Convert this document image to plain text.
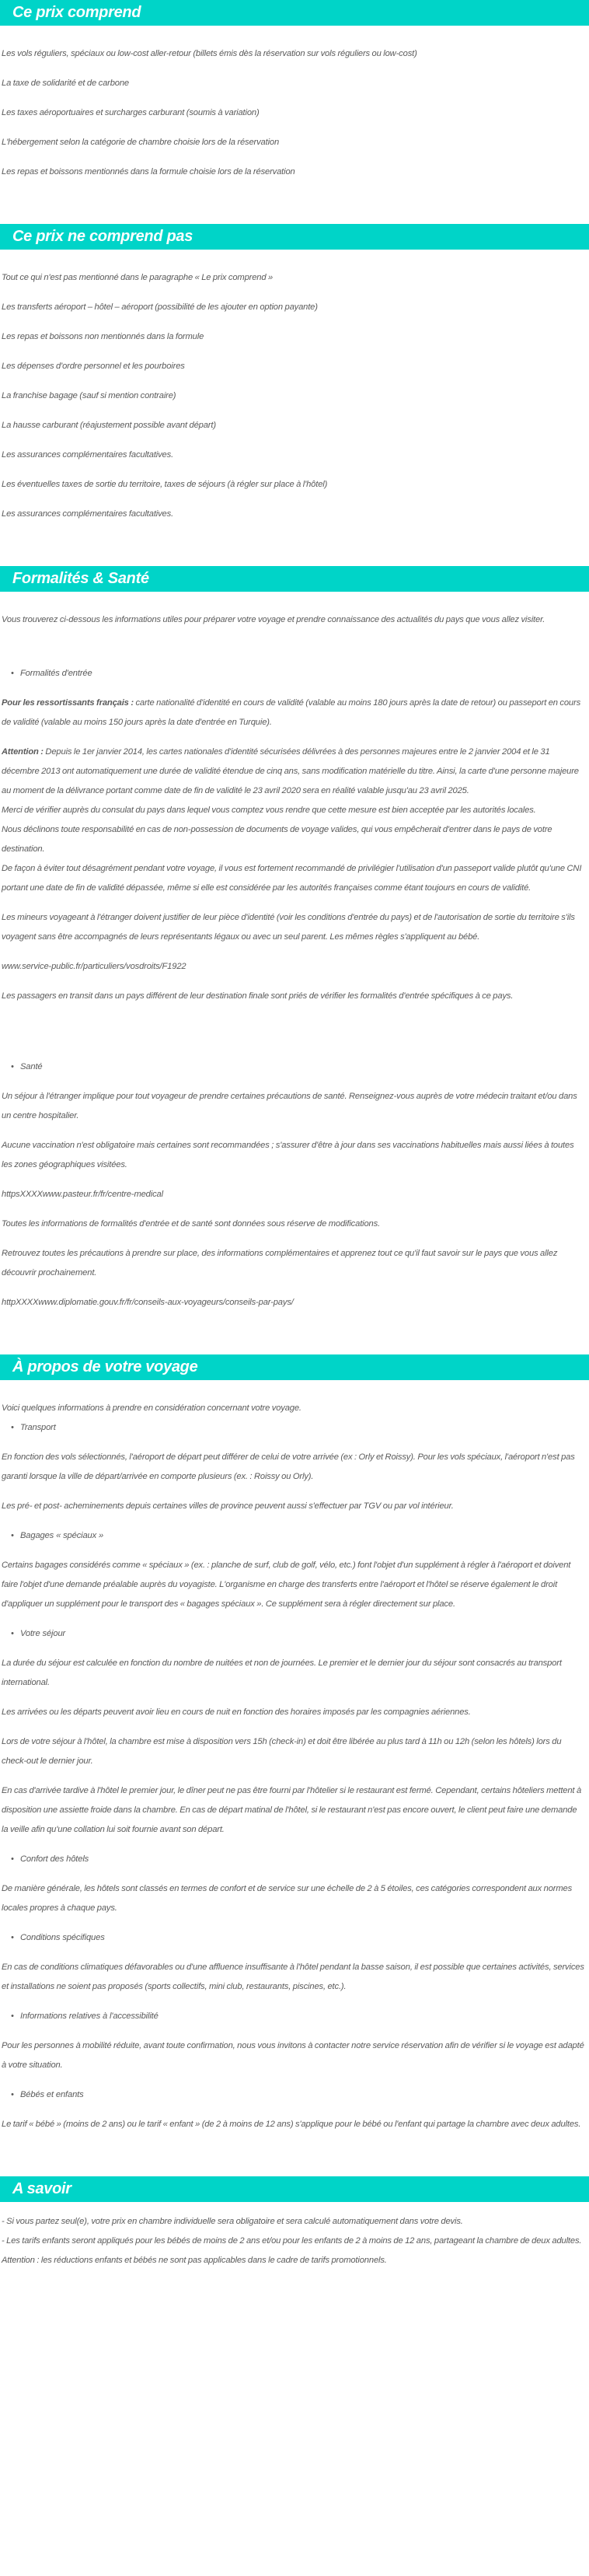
Ce prix comprend

Les vols réguliers, spéciaux ou low-cost aller-retour (billets émis dès la réservation sur vols réguliers ou low-cost)

La taxe de solidarité et de carbone

Les taxes aéroportuaires et surcharges carburant (soumis à variation)

L'hébergement selon la catégorie de chambre choisie lors de la réservation

Les repas et boissons mentionnés dans la formule choisie lors de la réservation

Ce prix ne comprend pas

Tout ce qui n'est pas mentionné dans le paragraphe « Le prix comprend »

Les transferts aéroport – hôtel – aéroport (possibilité de les ajouter en option payante)

Les repas et boissons non mentionnés dans la formule

Les dépenses d'ordre personnel et les pourboires

La franchise bagage (sauf si mention contraire)

La hausse carburant (réajustement possible avant départ)

Les assurances complémentaires facultatives.

Les éventuelles taxes de sortie du territoire, taxes de séjours (à régler sur place à l'hôtel)

Les assurances complémentaires facultatives.

Formalités & Santé

Vous trouverez ci-dessous les informations utiles pour préparer votre voyage et prendre connaissance des actualités du pays que vous allez visiter.

• Formalités d'entrée

Pour les ressortissants français : carte nationalité d'identité en cours de validité (valable au moins 180 jours après la date de retour) ou passeport en cours de validité (valable au moins 150 jours après la date d'entrée en Turquie).

Attention : Depuis le 1er janvier 2014, les cartes nationales d'identité sécurisées délivrées à des personnes majeures entre le 2 janvier 2004 et le 31 décembre 2013 ont automatiquement une durée de validité étendue de cinq ans, sans modification matérielle du titre. Ainsi, la carte d'une personne majeure au moment de la délivrance portant comme date de fin de validité le 23 avril 2020 sera en réalité valable jusqu'au 23 avril 2025.

Merci de vérifier auprès du consulat du pays dans lequel vous comptez vous rendre que cette mesure est bien acceptée par les autorités locales.

Nous déclinons toute responsabilité en cas de non-possession de documents de voyage valides, qui vous empêcherait d'entrer dans le pays de votre destination.

De façon à éviter tout désagrément pendant votre voyage, il vous est fortement recommandé de privilégier l'utilisation d'un passeport valide plutôt qu'une CNI portant une date de fin de validité dépassée, même si elle est considérée par les autorités françaises comme étant toujours en cours de validité.

Les mineurs voyageant à l'étranger doivent justifier de leur pièce d'identité (voir les conditions d'entrée du pays) et de l'autorisation de sortie du territoire s'ils voyagent sans être accompagnés de leurs représentants légaux ou avec un seul parent. Les mêmes règles s'appliquent au bébé.

www.service-public.fr/particuliers/vosdroits/F1922

Les passagers en transit dans un pays différent de leur destination finale sont priés de vérifier les formalités d'entrée spécifiques à ce pays.

• Santé

Un séjour à l'étranger implique pour tout voyageur de prendre certaines précautions de santé. Renseignez-vous auprès de votre médecin traitant et/ou dans un centre hospitalier.

Aucune vaccination n'est obligatoire mais certaines sont recommandées ; s'assurer d'être à jour dans ses vaccinations habituelles mais aussi liées à toutes les zones géographiques visitées.

httpsXXXXwww.pasteur.fr/fr/centre-medical

Toutes les informations de formalités d'entrée et de santé sont données sous réserve de modifications.

Retrouvez toutes les précautions à prendre sur place, des informations complémentaires et apprenez tout ce qu'il faut savoir sur le pays que vous allez découvrir prochainement.

httpXXXXwww.diplomatie.gouv.fr/fr/conseils-aux-voyageurs/conseils-par-pays/

À propos de votre voyage

Voici quelques informations à prendre en considération concernant votre voyage.

• Transport

En fonction des vols sélectionnés, l'aéroport de départ peut différer de celui de votre arrivée (ex : Orly et Roissy). Pour les vols spéciaux, l'aéroport n'est pas garanti lorsque la ville de départ/arrivée en comporte plusieurs (ex. : Roissy ou Orly).

Les pré- et post- acheminements depuis certaines villes de province peuvent aussi s'effectuer par TGV ou par vol intérieur.

• Bagages « spéciaux »

Certains bagages considérés comme « spéciaux » (ex. : planche de surf, club de golf, vélo, etc.) font l'objet d'un supplément à régler à l'aéroport et doivent faire l'objet d'une demande préalable auprès du voyagiste. L'organisme en charge des transferts entre l'aéroport et l'hôtel se réserve également le droit d'appliquer un supplément pour le transport des « bagages spéciaux ». Ce supplément sera à régler directement sur place.

• Votre séjour

La durée du séjour est calculée en fonction du nombre de nuitées et non de journées. Le premier et le dernier jour du séjour sont consacrés au transport international.

Les arrivées ou les départs peuvent avoir lieu en cours de nuit en fonction des horaires imposés par les compagnies aériennes.

Lors de votre séjour à l'hôtel, la chambre est mise à disposition vers 15h (check-in) et doit être libérée au plus tard à 11h ou 12h (selon les hôtels) lors du check-out le dernier jour.

En cas d'arrivée tardive à l'hôtel le premier jour, le dîner peut ne pas être fourni par l'hôtelier si le restaurant est fermé. Cependant, certains hôteliers mettent à disposition une assiette froide dans la chambre. En cas de départ matinal de l'hôtel, si le restaurant n'est pas encore ouvert, le client peut faire une demande la veille afin qu'une collation lui soit fournie avant son départ.

• Confort des hôtels

De manière générale, les hôtels sont classés en termes de confort et de service sur une échelle de 2 à 5 étoiles, ces catégories correspondent aux normes locales propres à chaque pays.

• Conditions spécifiques

En cas de conditions climatiques défavorables ou d'une affluence insuffisante à l'hôtel pendant la basse saison, il est possible que certaines activités, services et installations ne soient pas proposés (sports collectifs, mini club, restaurants, piscines, etc.).

• Informations relatives à l'accessibilité

Pour les personnes à mobilité réduite, avant toute confirmation, nous vous invitons à contacter notre service réservation afin de vérifier si le voyage est adapté à votre situation.

• Bébés et enfants

Le tarif « bébé » (moins de 2 ans) ou le tarif « enfant » (de 2 à moins de 12 ans) s'applique pour le bébé ou l'enfant qui partage la chambre avec deux adultes.

A savoir

- Si vous partez seul(e), votre prix en chambre individuelle sera obligatoire et sera calculé automatiquement dans votre devis.

- Les tarifs enfants seront appliqués pour les bébés de moins de 2 ans et/ou pour les enfants de 2 à moins de 12 ans, partageant la chambre de deux adultes.

Attention : les réductions enfants et bébés ne sont pas applicables dans le cadre de tarifs promotionnels.
